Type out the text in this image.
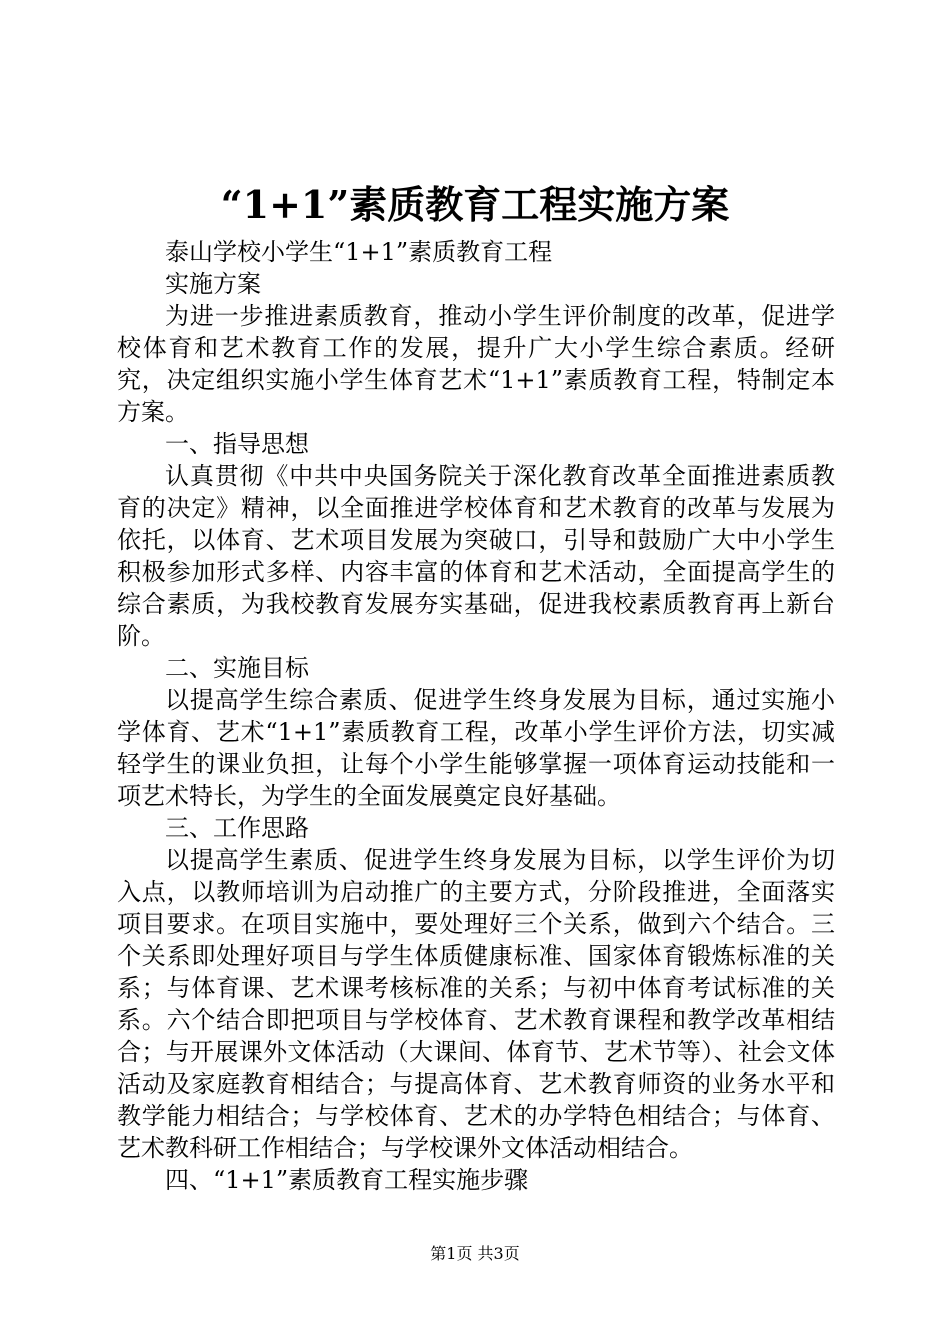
“1+1”素质教育工程实施方案

泰山学校小学生“1+1”素质教育工程

实施方案

为进一步推进素质教育，推动小学生评价制度的改革，促进学校体育和艺术教育工作的发展，提升广大小学生综合素质。经研究，决定组织实施小学生体育艺术“1+1”素质教育工程，特制定本方案。

一、指导思想

认真贯彻《中共中央国务院关于深化教育改革全面推进素质教育的决定》精神，以全面推进学校体育和艺术教育的改革与发展为依托，以体育、艺术项目发展为突破口，引导和鼓励广大中小学生积极参加形式多样、内容丰富的体育和艺术活动，全面提高学生的综合素质，为我校教育发展夯实基础，促进我校素质教育再上新台阶。

二、实施目标

以提高学生综合素质、促进学生终身发展为目标，通过实施小学体育、艺术“1+1”素质教育工程，改革小学生评价方法，切实减轻学生的课业负担，让每个小学生能够掌握一项体育运动技能和一项艺术特长，为学生的全面发展奠定良好基础。

三、工作思路

以提高学生素质、促进学生终身发展为目标，以学生评价为切入点，以教师培训为启动推广的主要方式，分阶段推进，全面落实项目要求。在项目实施中，要处理好三个关系，做到六个结合。三个关系即处理好项目与学生体质健康标准、国家体育锻炼标准的关系；与体育课、艺术课考核标准的关系；与初中体育考试标准的关系。六个结合即把项目与学校体育、艺术教育课程和教学改革相结合；与开展课外文体活动（大课间、体育节、艺术节等）、社会文体活动及家庭教育相结合；与提高体育、艺术教育师资的业务水平和教学能力相结合；与学校体育、艺术的办学特色相结合；与体育、艺术教科研工作相结合；与学校课外文体活动相结合。

四、“1+1”素质教育工程实施步骤

第1页 共3页
